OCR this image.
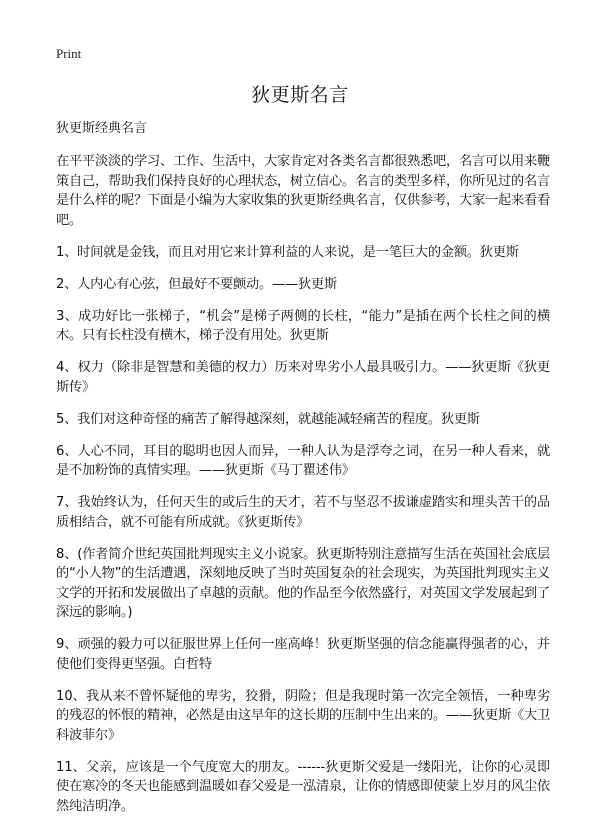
Print
狄更斯名言

狄更斯经典名言

在平平淡淡的学习、工作、生活中，大家肯定对各类名言都很熟悉吧，名言可以用来鞭策自己，帮助我们保持良好的心理状态，树立信心。名言的类型多样，你所见过的名言是什么样的呢？下面是小编为大家收集的狄更斯经典名言，仅供参考，大家一起来看看吧。

1、时间就是金钱，而且对用它来计算利益的人来说，是一笔巨大的金额。狄更斯

2、人内心有心弦，但最好不要颤动。——狄更斯

3、成功好比一张梯子，“机会”是梯子两侧的长柱，“能力”是插在两个长柱之间的横木。只有长柱没有横木，梯子没有用处。狄更斯

4、权力（除非是智慧和美德的权力）历来对卑劣小人最具吸引力。——狄更斯《狄更斯传》

5、我们对这种奇怪的痛苦了解得越深刻，就越能减轻痛苦的程度。狄更斯

6、人心不同，耳目的聪明也因人而异，一种人认为是浮夸之词，在另一种人看来，就是不加粉饰的真情实理。——狄更斯《马丁瞿述伟》

7、我始终认为，任何天生的或后生的天才，若不与坚忍不拔谦虚踏实和埋头苦干的品质相结合，就不可能有所成就。《狄更斯传》

8、(作者简介世纪英国批判现实主义小说家。狄更斯特别注意描写生活在英国社会底层的“小人物”的生活遭遇，深刻地反映了当时英国复杂的社会现实，为英国批判现实主义文学的开拓和发展做出了卓越的贡献。他的作品至今依然盛行，对英国文学发展起到了深远的影响。)

9、顽强的毅力可以征服世界上任何一座高峰！狄更斯坚强的信念能赢得强者的心，并使他们变得更坚强。白哲特

10、我从来不曾怀疑他的卑劣，狡猾，阴险；但是我现时第一次完全领悟，一种卑劣的残忍的怀恨的精神，必然是由这早年的这长期的压制中生出来的。——狄更斯《大卫科波菲尔》

11、父亲，应该是一个气度宽大的朋友。------狄更斯父爱是一缕阳光，让你的心灵即使在寒冷的冬天也能感到温暖如春父爱是一泓清泉，让你的情感即使蒙上岁月的风尘依然纯洁明净。
